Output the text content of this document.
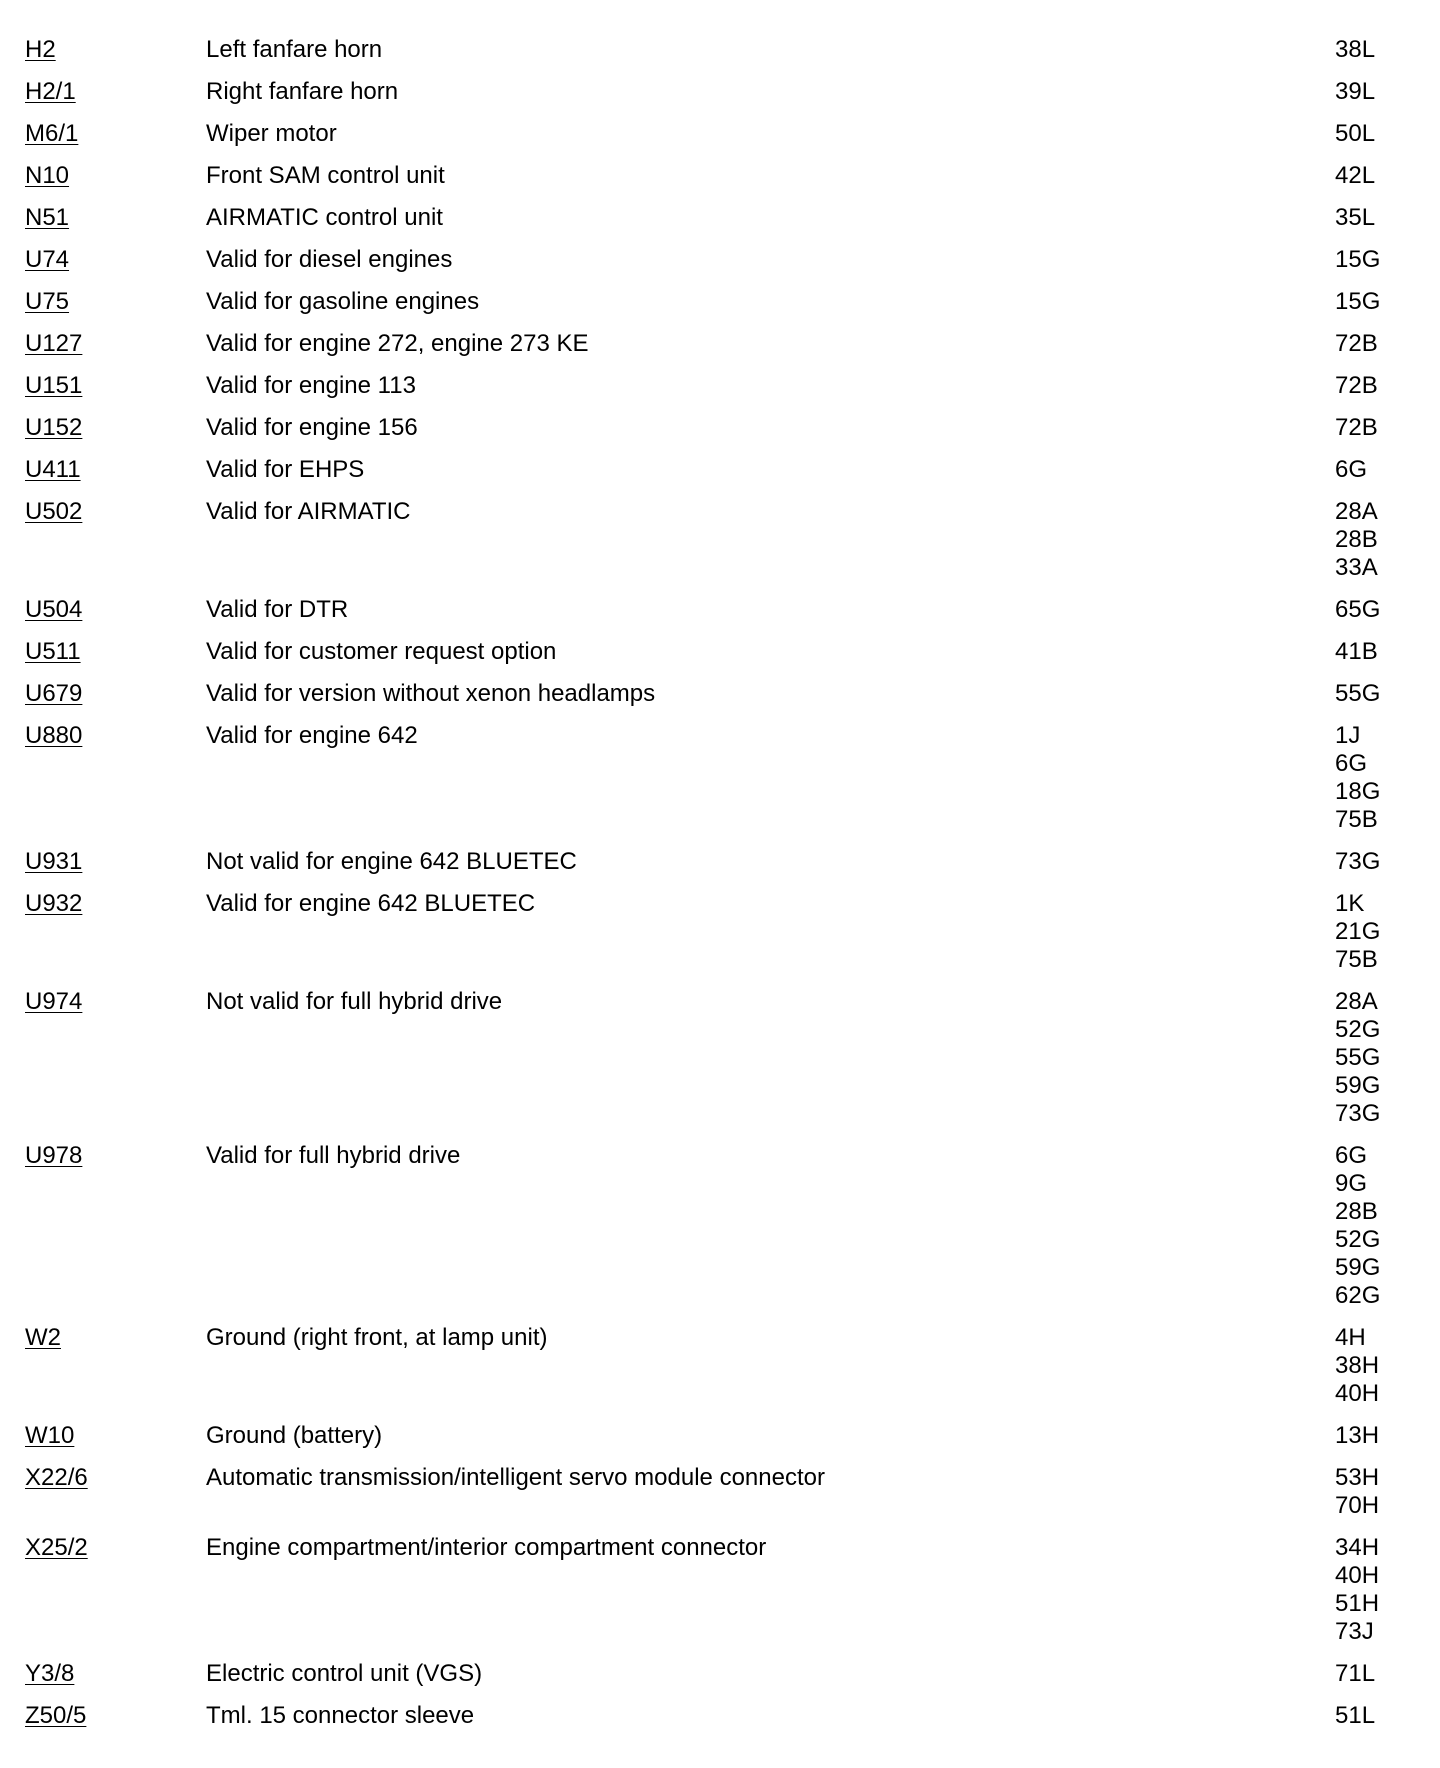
H2	Left fanfare horn	38L
H2/1	Right fanfare horn	39L
M6/1	Wiper motor	50L
N10	Front SAM control unit	42L
N51	AIRMATIC control unit	35L
U74	Valid for diesel engines	15G
U75	Valid for gasoline engines	15G
U127	Valid for engine 272, engine 273 KE	72B
U151	Valid for engine 113	72B
U152	Valid for engine 156	72B
U411	Valid for EHPS	6G
U502	Valid for AIRMATIC	28A
28B
33A
U504	Valid for DTR	65G
U511	Valid for customer request option	41B
U679	Valid for version without xenon headlamps	55G
U880	Valid for engine 642	1J
6G
18G
75B
U931	Not valid for engine 642 BLUETEC	73G
U932	Valid for engine 642 BLUETEC	1K
21G
75B
U974	Not valid for full hybrid drive	28A
52G
55G
59G
73G
U978	Valid for full hybrid drive	6G
9G
28B
52G
59G
62G
W2	Ground (right front, at lamp unit)	4H
38H
40H
W10	Ground (battery)	13H
X22/6	Automatic transmission/intelligent servo module connector	53H
70H
X25/2	Engine compartment/interior compartment connector	34H
40H
51H
73J
Y3/8	Electric control unit (VGS)	71L
Z50/5	Tml. 15 connector sleeve	51L
